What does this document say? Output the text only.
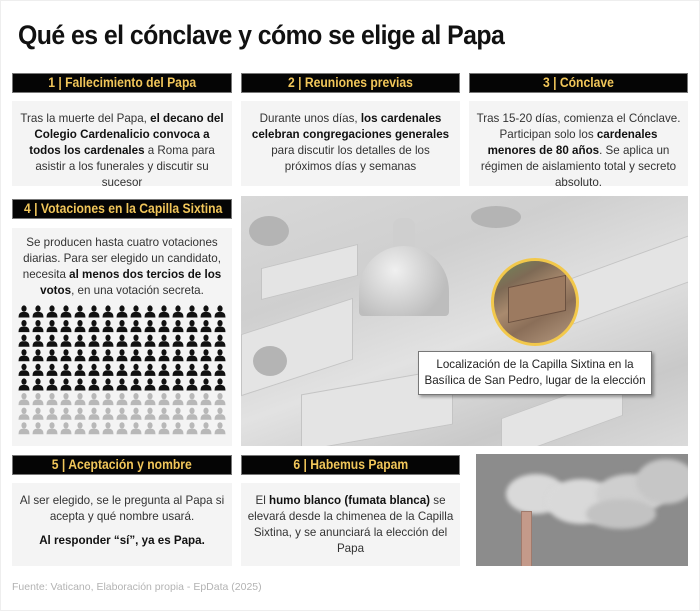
Qué es el cónclave y cómo se elige al Papa
1 | Fallecimiento del Papa	2 | Reuniones previas	3 | Cónclave

Tras la muerte del Papa, el decano del Colegio Cardenalicio convoca a todos los cardenales a Roma para asistir a los funerales y discutir su sucesor

Durante unos días, los cardenales celebran congregaciones generales para discutir los detalles de los próximos días y semanas

Tras 15-20 días, comienza el Cónclave. Participan solo los cardenales menores de 80 años. Se aplica un régimen de aislamiento total y secreto absoluto.

4 | Votaciones en la Capilla Sixtina

Se producen hasta cuatro votaciones diarias. Para ser elegido un candidato, necesita al menos dos tercios de los votos, en una votación secreta.

Localización de la Capilla Sixtina en la Basílica de San Pedro, lugar de la elección
5 | Aceptación y nombre	6 | Habemus Papam

Al ser elegido, se le pregunta al Papa si acepta y qué nombre usará.

Al responder “sí”, ya es Papa.

El humo blanco (fumata blanca) se elevará desde la chimenea de la Capilla Sixtina, y se anunciará la elección del Papa

Fuente: Vaticano, Elaboración propia - EpData (2025)
